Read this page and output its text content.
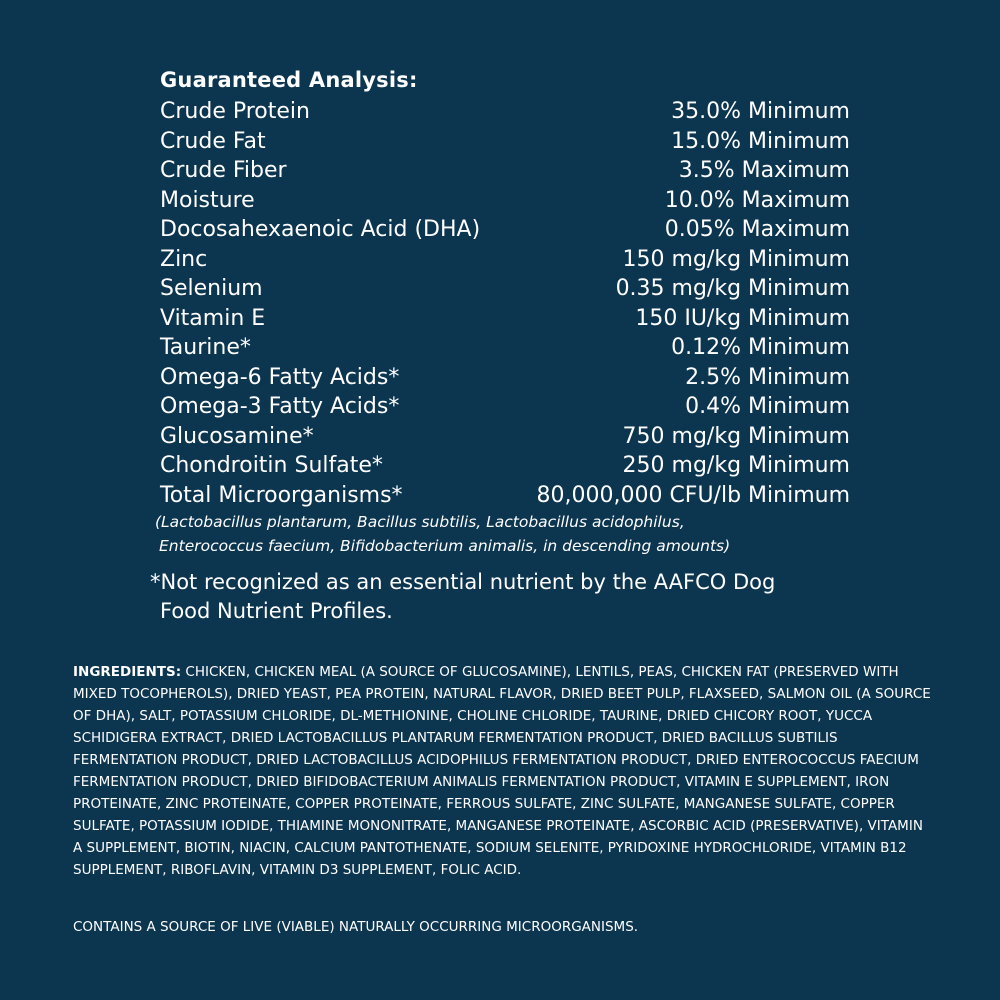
Guaranteed Analysis:
Crude Protein	35.0% Minimum
Crude Fat	15.0% Minimum
Crude Fiber	3.5% Maximum
Moisture	10.0% Maximum
Docosahexaenoic Acid (DHA)	0.05% Maximum
Zinc	150 mg/kg Minimum
Selenium	0.35 mg/kg Minimum
Vitamin E	150 IU/kg Minimum
Taurine*	0.12% Minimum
Omega-6 Fatty Acids*	2.5% Minimum
Omega-3 Fatty Acids*	0.4% Minimum
Glucosamine*	750 mg/kg Minimum
Chondroitin Sulfate*	250 mg/kg Minimum
Total Microorganisms*	80,000,000 CFU/lb Minimum
(Lactobacillus plantarum, Bacillus subtilis, Lactobacillus acidophilus,
Enterococcus faecium, Bifidobacterium animalis, in descending amounts)
*Not recognized as an essential nutrient by the AAFCO Dog
Food Nutrient Profiles.
INGREDIENTS: CHICKEN, CHICKEN MEAL (A SOURCE OF GLUCOSAMINE), LENTILS, PEAS, CHICKEN FAT (PRESERVED WITH MIXED TOCOPHEROLS), DRIED YEAST, PEA PROTEIN, NATURAL FLAVOR, DRIED BEET PULP, FLAXSEED, SALMON OIL (A SOURCE OF DHA), SALT, POTASSIUM CHLORIDE, DL-METHIONINE, CHOLINE CHLORIDE, TAURINE, DRIED CHICORY ROOT, YUCCA SCHIDIGERA EXTRACT, DRIED LACTOBACILLUS PLANTARUM FERMENTATION PRODUCT, DRIED BACILLUS SUBTILIS FERMENTATION PRODUCT, DRIED LACTOBACILLUS ACIDOPHILUS FERMENTATION PRODUCT, DRIED ENTEROCOCCUS FAECIUM FERMENTATION PRODUCT, DRIED BIFIDOBACTERIUM ANIMALIS FERMENTATION PRODUCT, VITAMIN E SUPPLEMENT, IRON PROTEINATE, ZINC PROTEINATE, COPPER PROTEINATE, FERROUS SULFATE, ZINC SULFATE, MANGANESE SULFATE, COPPER SULFATE, POTASSIUM IODIDE, THIAMINE MONONITRATE, MANGANESE PROTEINATE, ASCORBIC ACID (PRESERVATIVE), VITAMIN A SUPPLEMENT, BIOTIN, NIACIN, CALCIUM PANTOTHENATE, SODIUM SELENITE, PYRIDOXINE HYDROCHLORIDE, VITAMIN B12 SUPPLEMENT, RIBOFLAVIN, VITAMIN D3 SUPPLEMENT, FOLIC ACID.
CONTAINS A SOURCE OF LIVE (VIABLE) NATURALLY OCCURRING MICROORGANISMS.
